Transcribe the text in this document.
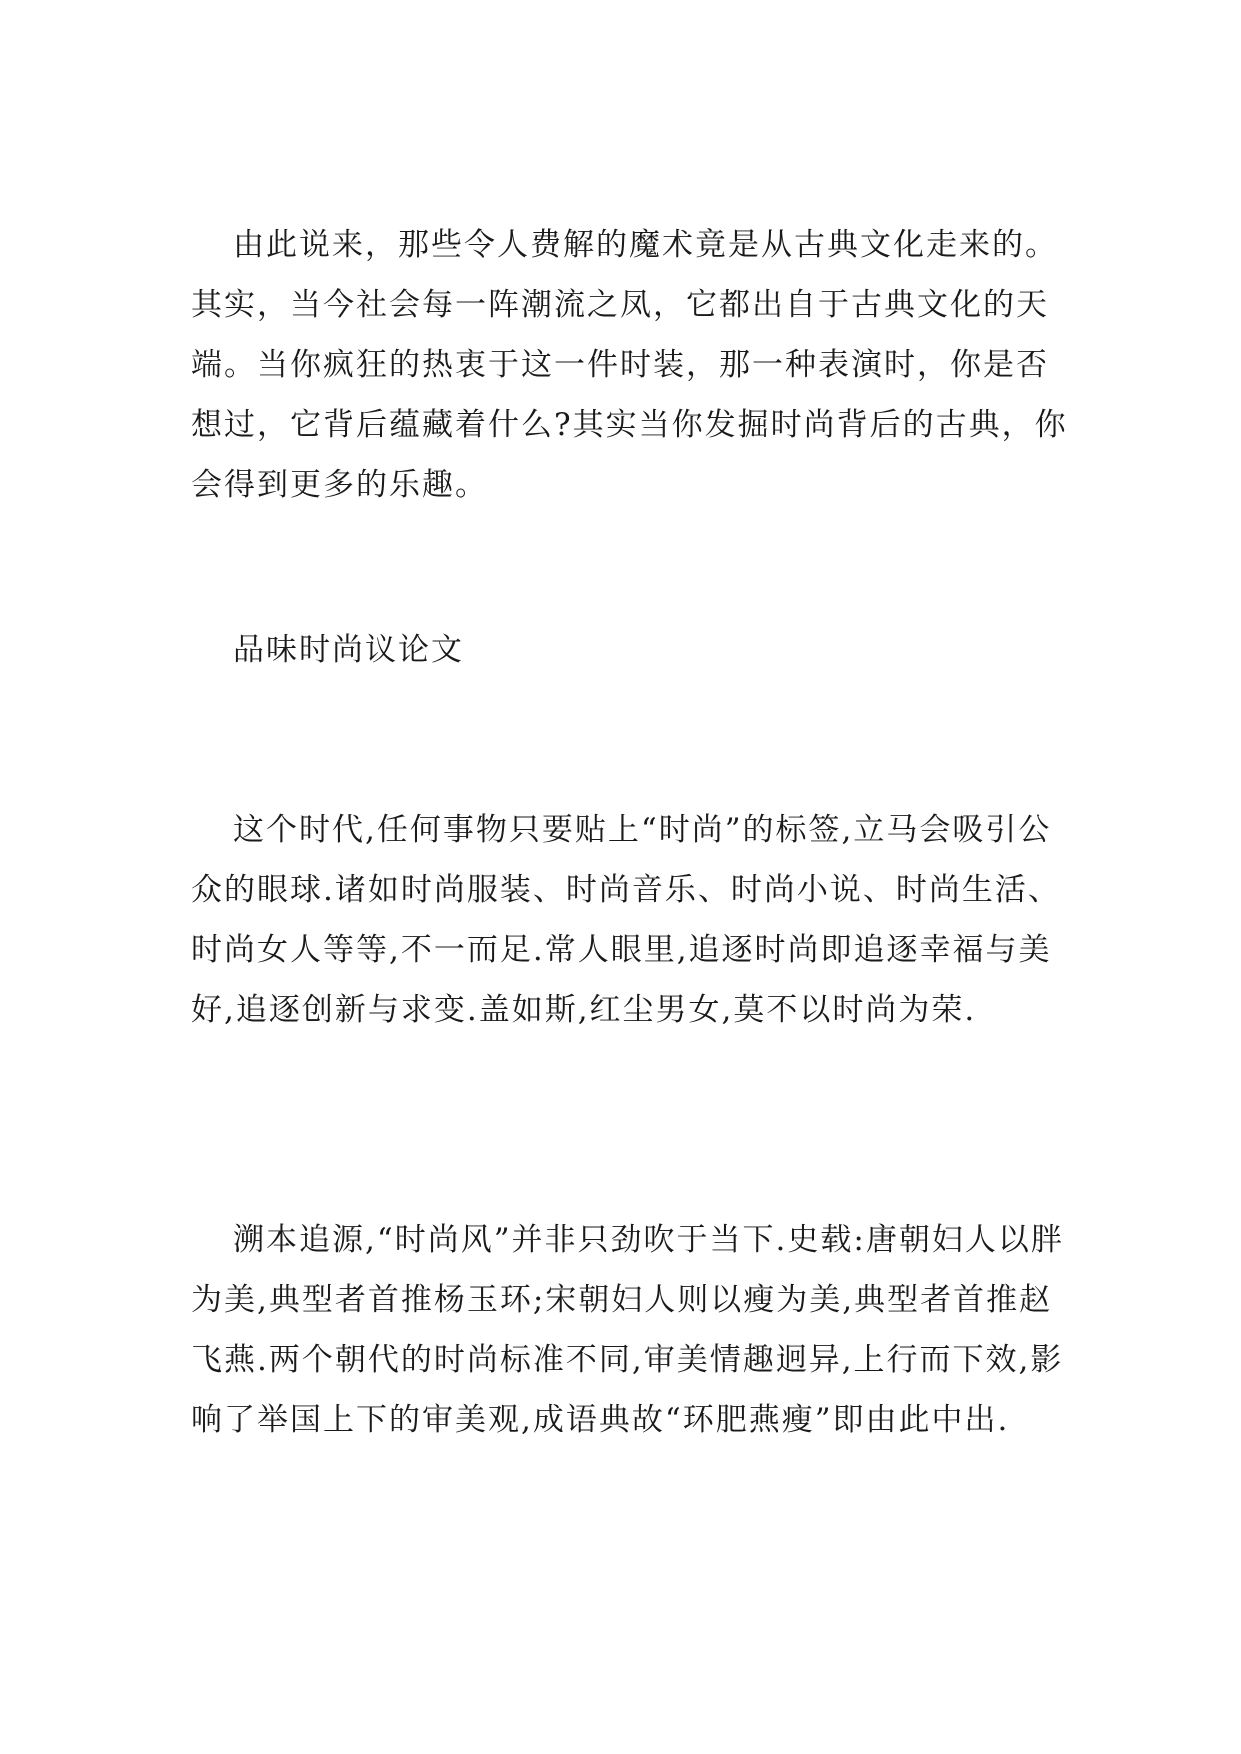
由此说来，那些令人费解的魔术竟是从古典文化走来的。其实，当今社会每一阵潮流之凤，它都出自于古典文化的天端。当你疯狂的热衷于这一件时装，那一种表演时，你是否想过，它背后蕴藏着什么?其实当你发掘时尚背后的古典，你会得到更多的乐趣。

品味时尚议论文

这个时代,任何事物只要贴上“时尚”的标签,立马会吸引公众的眼球.诸如时尚服装、时尚音乐、时尚小说、时尚生活、时尚女人等等,不一而足.常人眼里,追逐时尚即追逐幸福与美好,追逐创新与求变.盖如斯,红尘男女,莫不以时尚为荣.

溯本追源,“时尚风”并非只劲吹于当下.史载:唐朝妇人以胖为美,典型者首推杨玉环;宋朝妇人则以瘦为美,典型者首推赵飞燕.两个朝代的时尚标准不同,审美情趣迥异,上行而下效,影响了举国上下的审美观,成语典故“环肥燕瘦”即由此中出.
